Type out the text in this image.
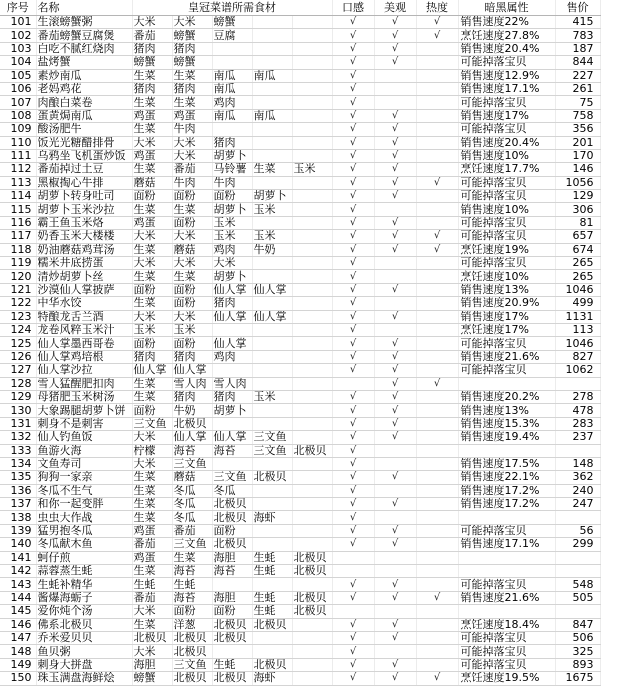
序号	名称	皇冠菜谱所需食材					口感	美观	热度	暗黑属性	售价
101	生滚螃蟹粥	大米	大米	螃蟹			√	√	√	销售速度22%	415
102	番茄螃蟹豆腐煲	番茄	螃蟹	豆腐			√	√	√	烹饪速度27.8%	783
103	白吃不腻红烧肉	猪肉	猪肉				√	√		销售速度20.4%	187
104	盐烤蟹	螃蟹	螃蟹				√	√		可能掉落宝贝	844
105	素炒南瓜	生菜	生菜	南瓜	南瓜		√			销售速度12.9%	227
106	老妈鸡花	猪肉	猪肉	南瓜			√			销售速度17.1%	261
107	肉酿白菜卷	生菜	生菜	鸡肉			√			可能掉落宝贝	75
108	蛋黄焗南瓜	鸡蛋	鸡蛋	南瓜	南瓜		√	√		销售速度17%	758
109	酸汤肥牛	生菜	牛肉				√	√		可能掉落宝贝	356
110	饭光光糖醋排骨	大米	大米	猪肉			√	√		销售速度20.4%	201
111	乌鸦坐飞机蛋炒饭	鸡蛋	大米	胡萝卜			√	√		销售速度10%	170
112	番茄掉过土豆	生菜	番茄	马铃薯	生菜	玉米	√	√		烹饪速度17.7%	146
113	黑椒掏心牛排	蘑菇	牛肉	牛肉			√	√	√	可能掉落宝贝	1056
114	胡萝卜转身吐司	面粉	面粉	面粉	胡萝卜		√	√		可能掉落宝贝	129
115	胡萝卜玉米沙拉	生菜	生菜	胡萝卜	玉米		√			销售速度10%	306
116	霸王鱼玉米烙	鸡蛋	面粉	玉米			√	√		可能掉落宝贝	81
117	奶香玉米大楼楼	大米	大米	玉米	玉米		√	√	√	可能掉落宝贝	657
118	奶油蘑菇鸡茸汤	生菜	蘑菇	鸡肉	牛奶		√	√	√	烹饪速度19%	674
119	糯米井底捞蛋	大米	大米	大米			√			可能掉落宝贝	265
120	清炒胡萝卜丝	生菜	生菜	胡萝卜			√			烹饪速度10%	265
121	沙漠仙人掌披萨	面粉	面粉	仙人掌	仙人掌		√	√		销售速度13%	1046
122	中华水饺	生菜	面粉	猪肉			√			销售速度20.9%	499
123	特酿龙舌兰酒	大米	大米	仙人掌	仙人掌		√	√		销售速度17%	1131
124	龙卷风粹玉米汁	玉米	玉米				√			烹饪速度17%	113
125	仙人掌墨西哥卷	面粉	面粉	仙人掌			√	√		可能掉落宝贝	1046
126	仙人掌鸡培根	猪肉	猪肉	鸡肉			√	√		销售速度21.6%	827
127	仙人掌沙拉	仙人掌	仙人掌				√	√		可能掉落宝贝	1062
128	雪人猛醒肥扣肉	生菜	雪人肉	雪人肉				√	√		
129	母猪肥玉米树汤	生菜	猪肉	猪肉	玉米		√	√		销售速度20.2%	278
130	大象踢腿胡萝卜饼	面粉	牛奶	胡萝卜			√	√		销售速度13%	478
131	刺身不是刺害	三文鱼	北极贝				√	√		销售速度15.3%	283
132	仙人钓鱼饭	大米	仙人掌	仙人掌	三文鱼		√	√		销售速度19.4%	237
133	鱼游火海	柠檬	海苔	海苔	三文鱼	北极贝	√				
134	文鱼寿司	大米	三文鱼				√			销售速度17.5%	148
135	狗狗一家亲	生菜	蘑菇	三文鱼	北极贝		√	√		销售速度22.1%	362
136	冬瓜不生气	生菜	冬瓜	冬瓜			√			销售速度17.2%	240
137	和你一起变胖	生菜	冬瓜	北极贝			√	√		销售速度17.2%	247
138	虫虫大作战	生菜	冬瓜	北极贝	海虾		√				
139	猛男抱冬瓜	鸡蛋	番茄	面粉			√	√		可能掉落宝贝	56
140	冬瓜献木鱼	番茄	三文鱼	北极贝			√	√		销售速度17.1%	299
141	蚵仔煎	鸡蛋	生菜	海胆	生蚝	北极贝					
142	蒜蓉蒸生蚝	生菜	海苔	海苔	生蚝	北极贝					
143	生蚝补精华	生蚝	生蚝				√	√		可能掉落宝贝	548
144	酱爆海蛎子	番茄	海苔	海胆	生蚝	北极贝	√	√	√	销售速度21.6%	505
145	爱你炖个汤	大米	面粉	面粉	生蚝	北极贝					
146	佛系北极贝	生菜	洋葱	北极贝	北极贝		√	√		烹饪速度18.4%	847
147	乔米爱贝贝	北极贝	北极贝	北极贝			√	√		可能掉落宝贝	506
148	鱼贝粥	大米	北极贝				√			可能掉落宝贝	325
149	刺身大拼盘	海胆	三文鱼	生蚝	北极贝		√	√		可能掉落宝贝	893
150	珠玉满盘海鲜烩	螃蟹	北极贝	北极贝	海虾		√	√	√	烹饪速度19.5%	1675
